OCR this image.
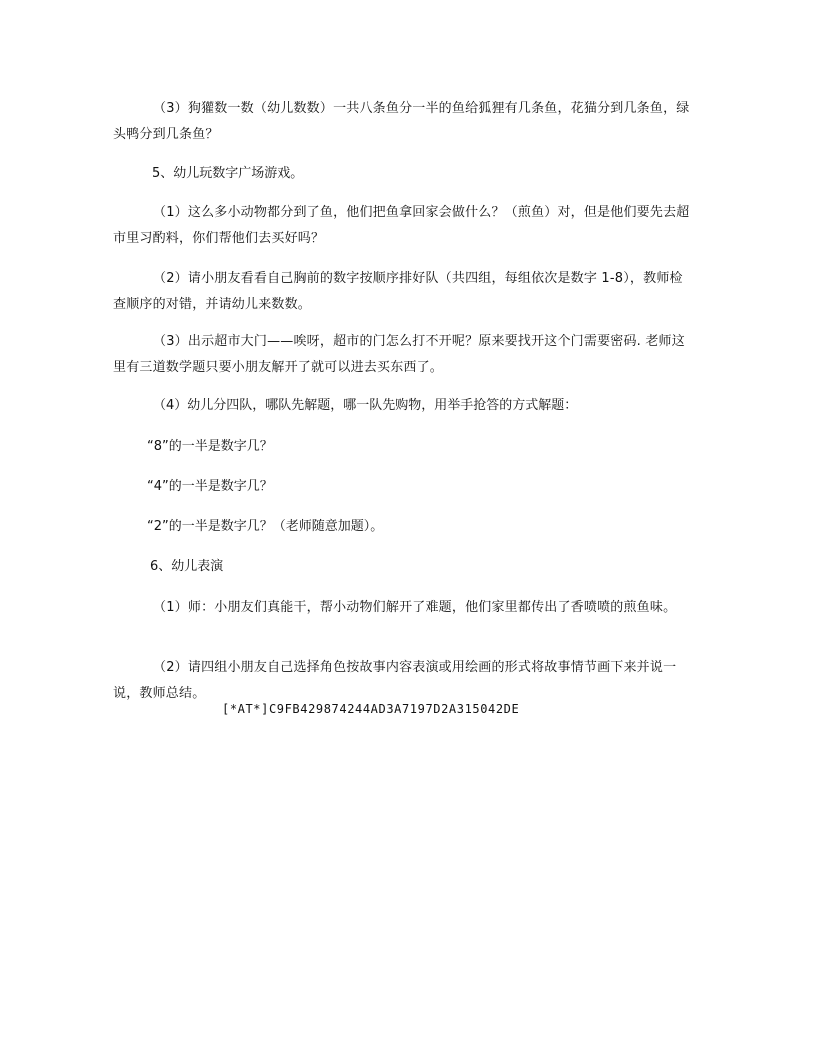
（3）狗獾数一数（幼儿数数）一共八条鱼分一半的鱼给狐狸有几条鱼，花猫分到几条鱼，绿头鸭分到几条鱼？

5、幼儿玩数字广场游戏。

（1）这么多小动物都分到了鱼，他们把鱼拿回家会做什么？（煎鱼）对，但是他们要先去超市里习酌料，你们帮他们去买好吗？

（2）请小朋友看看自己胸前的数字按顺序排好队（共四组，每组依次是数字 1-8），教师检查顺序的对错，并请幼儿来数数。

（3）出示超市大门——唉呀，超市的门怎么打不开呢？原来要找开这个门需要密码. 老师这里有三道数学题只要小朋友解开了就可以进去买东西了。

（4）幼儿分四队，哪队先解题，哪一队先购物，用举手抢答的方式解题：

“8”的一半是数字几？

“4”的一半是数字几？

“2”的一半是数字几？（老师随意加题）。

6、幼儿表演

（1）师：小朋友们真能干，帮小动物们解开了难题，他们家里都传出了香喷喷的煎鱼味。

（2）请四组小朋友自己选择角色按故事内容表演或用绘画的形式将故事情节画下来并说一说，教师总结。

[*AT*]C9FB429874244AD3A7197D2A315042DE
